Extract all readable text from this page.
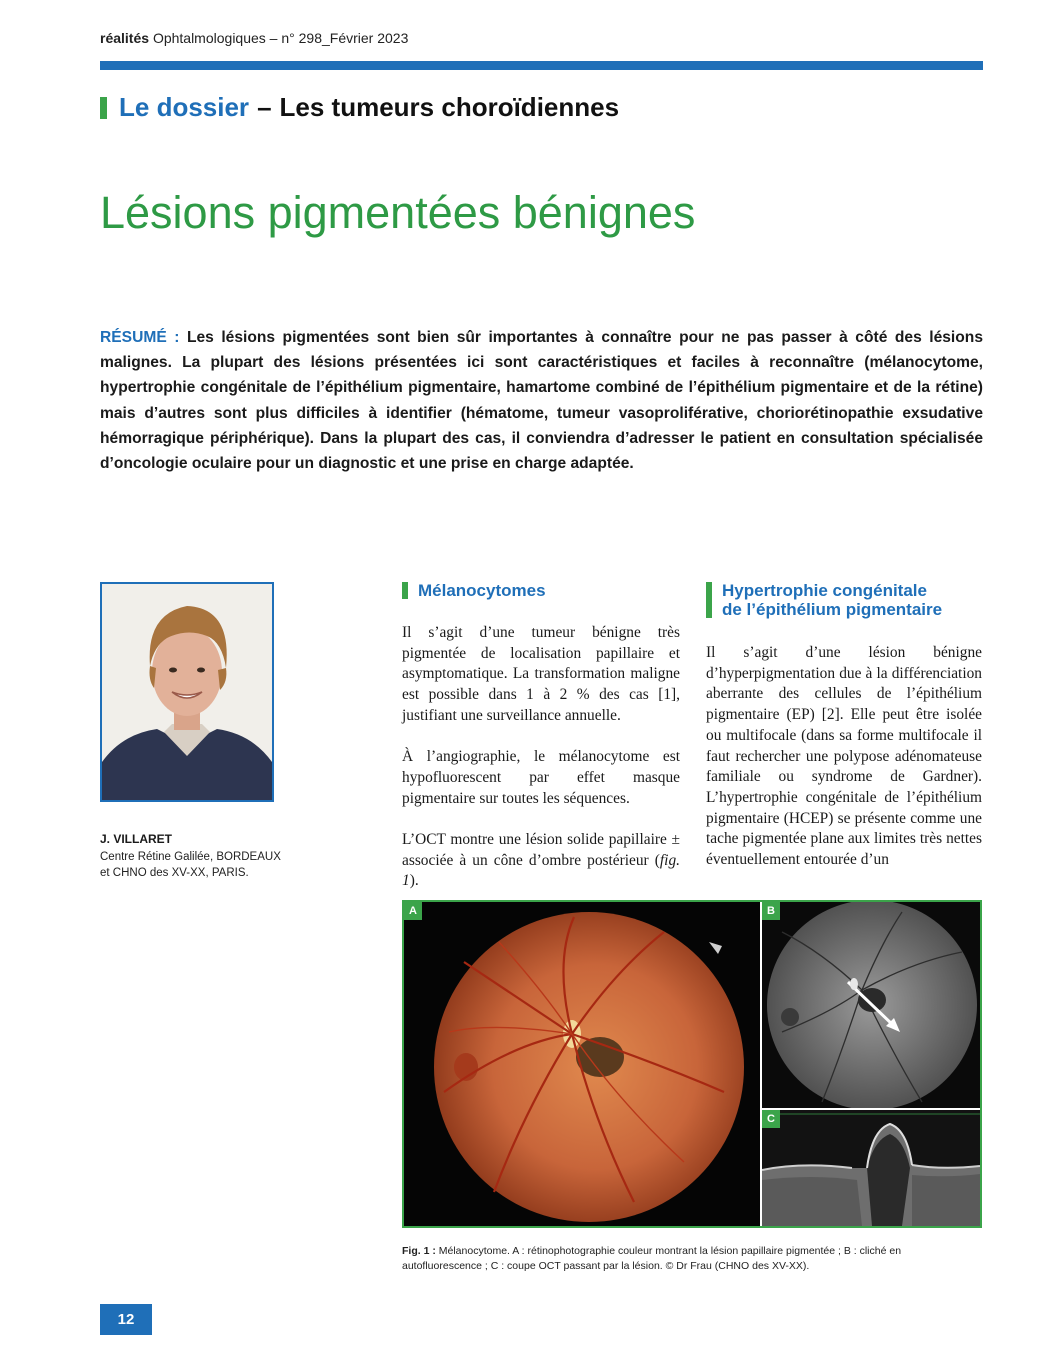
réalités Ophtalmologiques – n° 298_Février 2023
Le dossier – Les tumeurs choroïdiennes
Lésions pigmentées bénignes
RÉSUMÉ : Les lésions pigmentées sont bien sûr importantes à connaître pour ne pas passer à côté des lésions malignes. La plupart des lésions présentées ici sont caractéristiques et faciles à reconnaître (mélanocytome, hypertrophie congénitale de l’épithélium pigmentaire, hamartome combiné de l’épithélium pigmentaire et de la rétine) mais d’autres sont plus difficiles à identifier (hématome, tumeur vasoproliférative, choriorétinopathie exsudative hémorragique périphérique). Dans la plupart des cas, il conviendra d’adresser le patient en consultation spécialisée d’oncologie oculaire pour un diagnostic et une prise en charge adaptée.
J. VILLARET
Centre Rétine Galilée, BORDEAUX
et CHNO des XV-XX, PARIS.
Mélanocytomes

Il s’agit d’une tumeur bénigne très pigmentée de localisation papillaire et asymptomatique. La transformation maligne est possible dans 1 à 2 % des cas [1], justifiant une surveillance annuelle.

À l’angiographie, le mélanocytome est hypofluorescent par effet masque pigmentaire sur toutes les séquences.

L’OCT montre une lésion solide papillaire ± associée à un cône d’ombre postérieur (fig. 1).

Hypertrophie congénitale
de l’épithélium pigmentaire

Il s’agit d’une lésion bénigne d’hyperpigmentation due à la différenciation aberrante des cellules de l’épithélium pigmentaire (EP) [2]. Elle peut être isolée ou multifocale (dans sa forme multifocale il faut rechercher une polypose adénomateuse familiale ou syndrome de Gardner). L’hypertrophie congénitale de l’épithélium pigmentaire (HCEP) se présente comme une tache pigmentée plane aux limites très nettes éventuellement entourée d’un

A	B
C
Fig. 1 : Mélanocytome. A : rétinophotographie couleur montrant la lésion papillaire pigmentée ; B : cliché en autofluorescence ; C : coupe OCT passant par la lésion. © Dr Frau (CHNO des XV-XX).
12
